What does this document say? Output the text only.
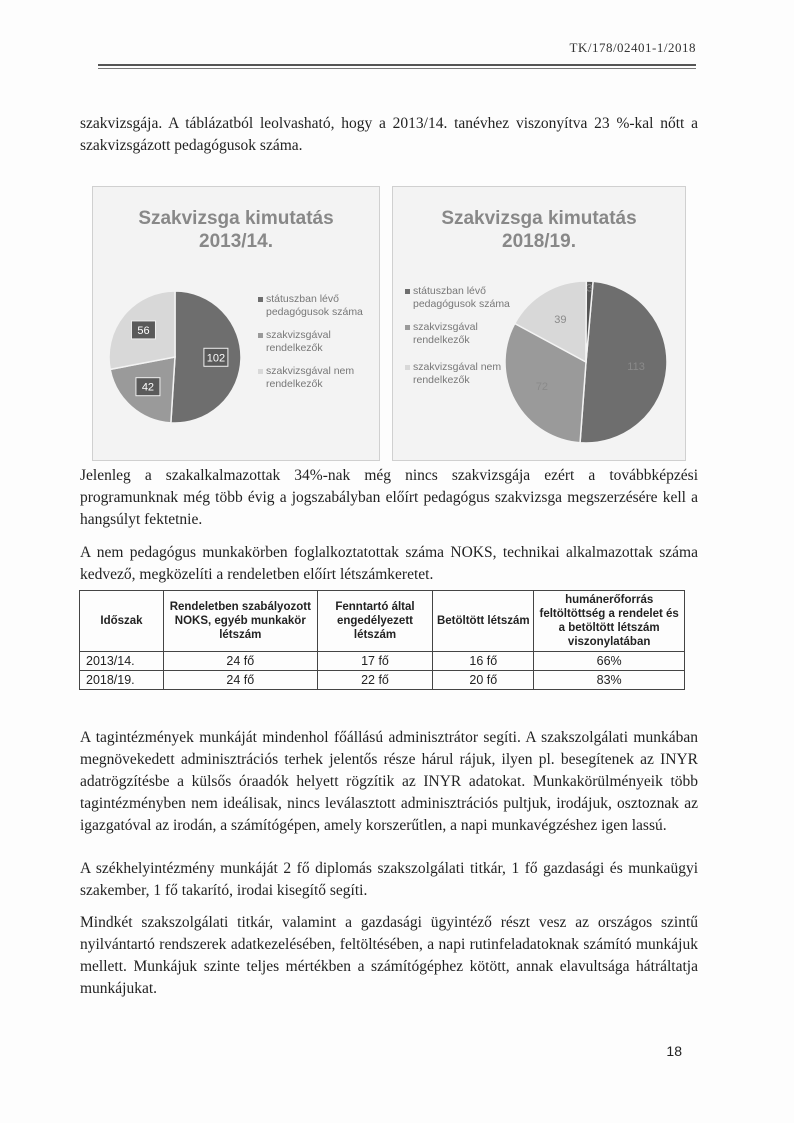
TK/178/02401-1/2018

szakvizsgája. A táblázatból leolvasható, hogy a 2013/14. tanévhez viszonyítva 23 %-kal nőtt a szakvizsgázott pedagógusok száma.

Szakvizsga kimutatás
2013/14.
102
42
56
státuszban lévő pedagógusok száma
szakvizsgával rendelkezők
szakvizsgával nem rendelkezők
Szakvizsga kimutatás
2018/19.
státuszban lévő pedagógusok száma
szakvizsgával rendelkezők
szakvizsgával nem rendelkezők
113
72
39
3

Jelenleg a szakalkalmazottak 34%-nak még nincs szakvizsgája ezért a továbbképzési programunknak még több évig a jogszabályban előírt pedagógus szakvizsga megszerzésére kell a hangsúlyt fektetnie.

A nem pedagógus munkakörben foglalkoztatottak száma NOKS, technikai alkalmazottak száma kedvező, megközelíti a rendeletben előírt létszámkeretet.

Időszak	Rendeletben szabályozott NOKS, egyéb munkakör létszám	Fenntartó által engedélyezett létszám	Betöltött létszám	humánerőforrás feltöltöttség a rendelet és a betöltött létszám viszonylatában
2013/14.	24 fő	17 fő	16 fő	66%
2018/19.	24 fő	22 fő	20 fő	83%

A tagintézmények munkáját mindenhol főállású adminisztrátor segíti. A szakszolgálati munkában megnövekedett adminisztrációs terhek jelentős része hárul rájuk, ilyen pl. besegítenek az INYR adatrögzítésbe a külsős óraadók helyett rögzítik az INYR adatokat. Munkakörülményeik több tagintézményben nem ideálisak, nincs leválasztott adminisztrációs pultjuk, irodájuk, osztoznak az igazgatóval az irodán, a számítógépen, amely korszerűtlen, a napi munkavégzéshez igen lassú.

A székhelyintézmény munkáját 2 fő diplomás szakszolgálati titkár, 1 fő gazdasági és munkaügyi szakember, 1 fő takarító, irodai kisegítő segíti.

Mindkét szakszolgálati titkár, valamint a gazdasági ügyintéző részt vesz az országos szintű nyilvántartó rendszerek adatkezelésében, feltöltésében, a napi rutinfeladatoknak számító munkájuk mellett. Munkájuk szinte teljes mértékben a számítógéphez kötött, annak elavultsága hátráltatja munkájukat.

18
